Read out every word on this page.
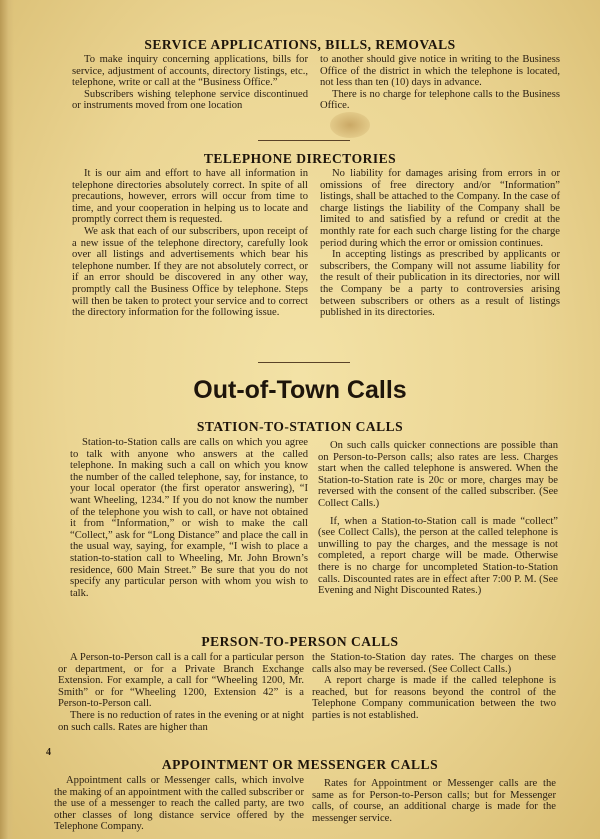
SERVICE APPLICATIONS, BILLS, REMOVALS

To make inquiry concerning applications, bills for service, adjustment of accounts, directory listings, etc., telephone, write or call at the “Business Office.”

Subscribers wishing telephone service discontinued or instruments moved from one location

to another should give notice in writing to the Business Office of the district in which the telephone is located, not less than ten (10) days in advance.

There is no charge for telephone calls to the Business Office.

TELEPHONE DIRECTORIES

It is our aim and effort to have all information in telephone directories absolutely correct. In spite of all precautions, however, errors will occur from time to time, and your cooperation in helping us to locate and promptly correct them is requested.

We ask that each of our subscribers, upon receipt of a new issue of the telephone directory, carefully look over all listings and advertisements which bear his telephone number. If they are not absolutely correct, or if an error should be discovered in any other way, promptly call the Business Office by telephone. Steps will then be taken to protect your service and to correct the directory information for the following issue.

No liability for damages arising from errors in or omissions of free directory and/or “Information” listings, shall be attached to the Company. In the case of charge listings the liability of the Company shall be limited to and satisfied by a refund or credit at the monthly rate for each such charge listing for the charge period during which the error or omission continues.

In accepting listings as prescribed by applicants or subscribers, the Company will not assume liability for the result of their publication in its directories, nor will the Company be a party to controversies arising between subscribers or others as a result of listings published in its directories.

Out-of-Town Calls
STATION-TO-STATION CALLS

Station-to-Station calls are calls on which you agree to talk with anyone who answers at the called telephone. In making such a call on which you know the number of the called telephone, say, for instance, to your local operator (the first operator answering), “I want Wheeling, 1234.” If you do not know the number of the telephone you wish to call, or have not obtained it from “Information,” or wish to make the call “Collect,” ask for “Long Distance” and place the call in the usual way, saying, for example, “I wish to place a station-to-station call to Wheeling, Mr. John Brown’s residence, 600 Main Street.” Be sure that you do not specify any particular person with whom you wish to talk.

On such calls quicker connections are possible than on Person-to-Person calls; also rates are less. Charges start when the called telephone is answered. When the Station-to-Station rate is 20c or more, charges may be reversed with the consent of the called subscriber. (See Collect Calls.)

If, when a Station-to-Station call is made “collect” (see Collect Calls), the person at the called telephone is unwilling to pay the charges, and the message is not completed, a report charge will be made. Otherwise there is no charge for uncompleted Station-to-Station calls. Discounted rates are in effect after 7:00 P. M. (See Evening and Night Discounted Rates.)

PERSON-TO-PERSON CALLS

A Person-to-Person call is a call for a particular person or department, or for a Private Branch Exchange Extension. For example, a call for “Wheeling 1200, Mr. Smith” or for “Wheeling 1200, Extension 42” is a Person-to-Person call.

There is no reduction of rates in the evening or at night on such calls. Rates are higher than

the Station-to-Station day rates. The charges on these calls also may be reversed. (See Collect Calls.)

A report charge is made if the called telephone is reached, but for reasons beyond the control of the Telephone Company communication between the two parties is not established.

4
APPOINTMENT OR MESSENGER CALLS

Appointment calls or Messenger calls, which involve the making of an appointment with the called subscriber or the use of a messenger to reach the called party, are two other classes of long distance service offered by the Telephone Company.

Rates for Appointment or Messenger calls are the same as for Person-to-Person calls; but for Messenger calls, of course, an additional charge is made for the messenger service.
